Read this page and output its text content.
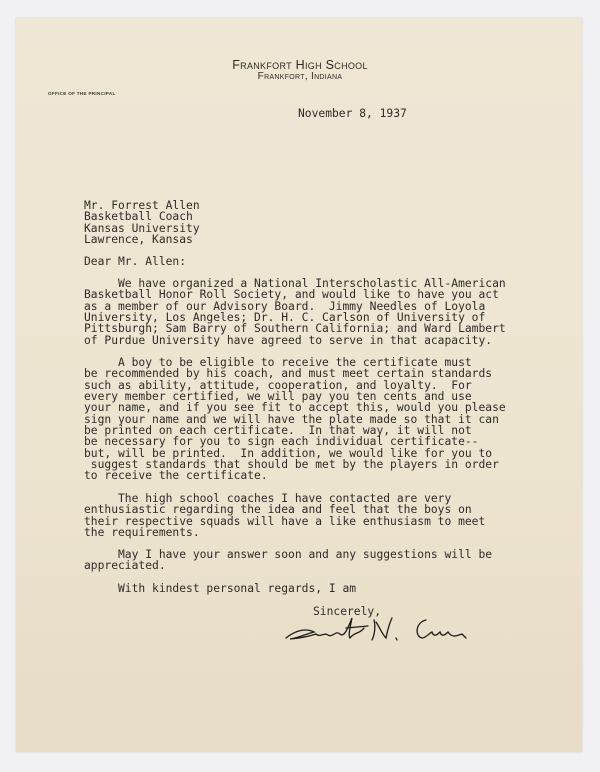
Frankfort High School
Frankfort, Indiana
OFFICE OF THE PRINCIPAL
November 8, 1937
Mr. Forrest Allen
Basketball Coach
Kansas University
Lawrence, Kansas
Dear Mr. Allen:
We have organized a National Interscholastic All-American
Basketball Honor Roll Society, and would like to have you act
as a member of our Advisory Board.  Jimmy Needles of Loyola
University, Los Angeles; Dr. H. C. Carlson of University of
Pittsburgh; Sam Barry of Southern California; and Ward Lambert
of Purdue University have agreed to serve in that acapacity.
A boy to be eligible to receive the certificate must
be recommended by his coach, and must meet certain standards
such as ability, attitude, cooperation, and loyalty.  For
every member certified, we will pay you ten cents and use
your name, and if you see fit to accept this, would you please
sign your name and we will have the plate made so that it can
be printed on each certificate.  In that way, it will not
be necessary for you to sign each individual certificate--
but, will be printed.  In addition, we would like for you to
suggest standards that should be met by the players in order
to receive the certificate.
The high school coaches I have contacted are very
enthusiastic regarding the idea and feel that the boys on
their respective squads will have a like enthusiasm to meet
the requirements.
May I have your answer soon and any suggestions will be
appreciated.
With kindest personal regards, I am
Sincerely,
